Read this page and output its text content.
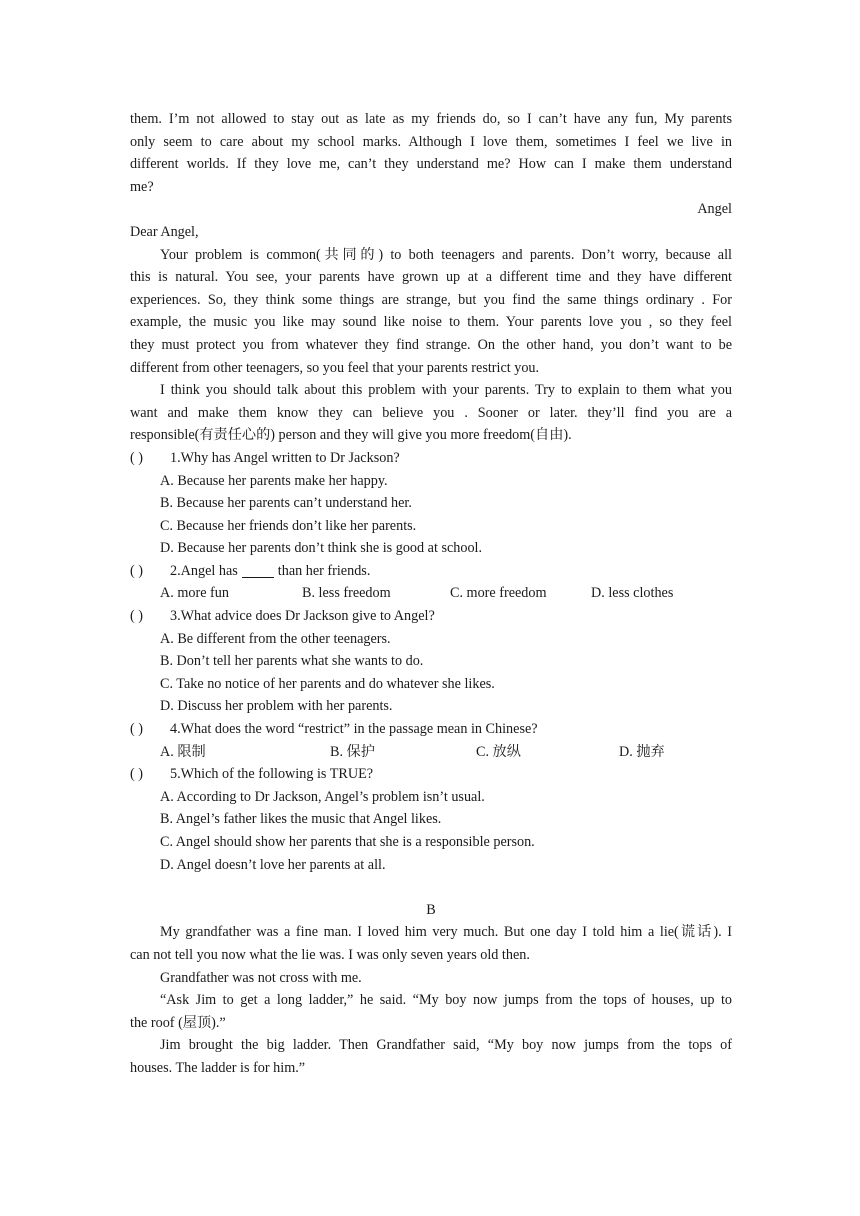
them. I’m not allowed to stay out as late as my friends do, so I can’t have any fun, My parents
only seem to care about my school marks. Although I love them, sometimes I feel we live in
different worlds. If they love me, can’t they understand me? How can I make them understand
me?
Angel
Dear Angel,
Your problem is common(共同的) to both teenagers and parents. Don’t worry, because all
this is natural. You see, your parents have grown up at a different time and they have different
experiences. So, they think some things are strange, but you find the same things ordinary . For
example, the music you like may sound like noise to them. Your parents love you , so they feel
they must protect you from whatever they find strange. On the other hand, you don’t want to be
different from other teenagers, so you feel that your parents restrict you.
I think you should talk about this problem with your parents. Try to explain to them what you
want and make them know they can believe you . Sooner or later. they’ll find you are a
responsible(有责任心的) person and they will give you more freedom(自由).
( ) 1.Why has Angel written to Dr Jackson?
A. Because her parents make her happy.
B. Because her parents can’t understand her.
C. Because her friends don’t like her parents.
D. Because her parents don’t think she is good at school.
( ) 2.Angel has	than her friends.
A. more fun	B. less freedom	C. more freedom	D. less clothes
( ) 3.What advice does Dr Jackson give to Angel?
A. Be different from the other teenagers.
B. Don’t tell her parents what she wants to do.
C. Take no notice of her parents and do whatever she likes.
D. Discuss her problem with her parents.
( ) 4.What does the word “restrict” in the passage mean in Chinese?
A. 限制	B. 保护	C. 放纵	D. 抛弃
( ) 5.Which of the following is TRUE?
A. According to Dr Jackson, Angel’s problem isn’t usual.
B. Angel’s father likes the music that Angel likes.
C. Angel should show her parents that she is a responsible person.
D. Angel doesn’t love her parents at all.
B
My grandfather was a fine man. I loved him very much. But one day I told him a lie(谎话). I
can not tell you now what the lie was. I was only seven years old then.
Grandfather was not cross with me.
“Ask Jim to get a long ladder,” he said. “My boy now jumps from the tops of houses, up to
the roof (屋顶).”
Jim brought the big ladder. Then Grandfather said, “My boy now jumps from the tops of
houses. The ladder is for him.”
